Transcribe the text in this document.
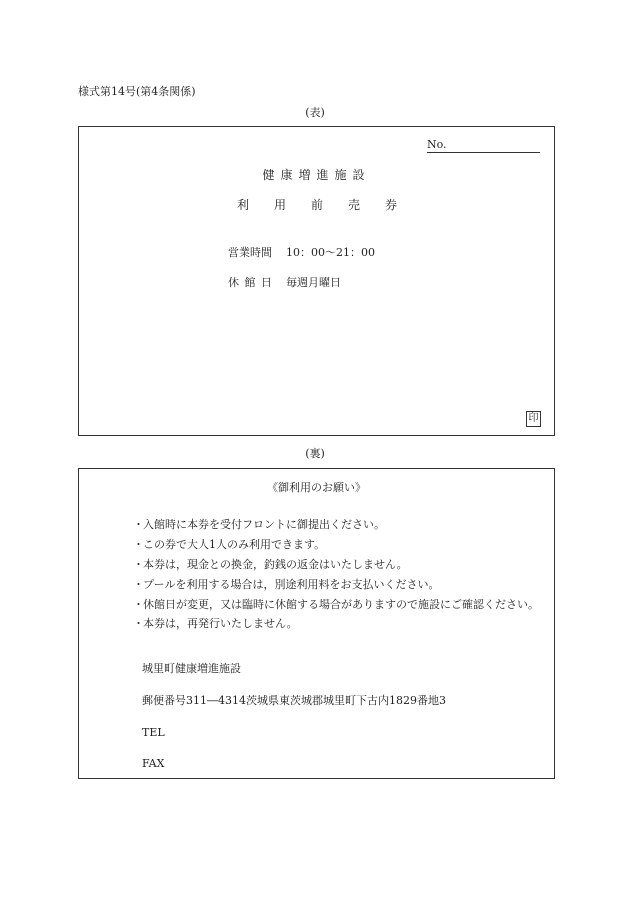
様式第14号(第4条関係)
(表)
No.
健康増進施設
利 用 前 売 券
営業時間	10：00〜21：00
休 館 日 毎週月曜日
印
(裏)
《御利用のお願い》
・ 入館時に本券を受付フロントに御提出ください。
・ この券で大人1人のみ利用できます。
・ 本券は，現金との換金，釣銭の返金はいたしません。
・ プールを利用する場合は，別途利用料をお支払いください。
・ 休館日が変更，又は臨時に休館する場合がありますので施設にご確認ください。
・ 本券は，再発行いたしません。
城里町健康増進施設
郵便番号311―4314茨城県東茨城郡城里町下古内1829番地3
TEL
FAX
